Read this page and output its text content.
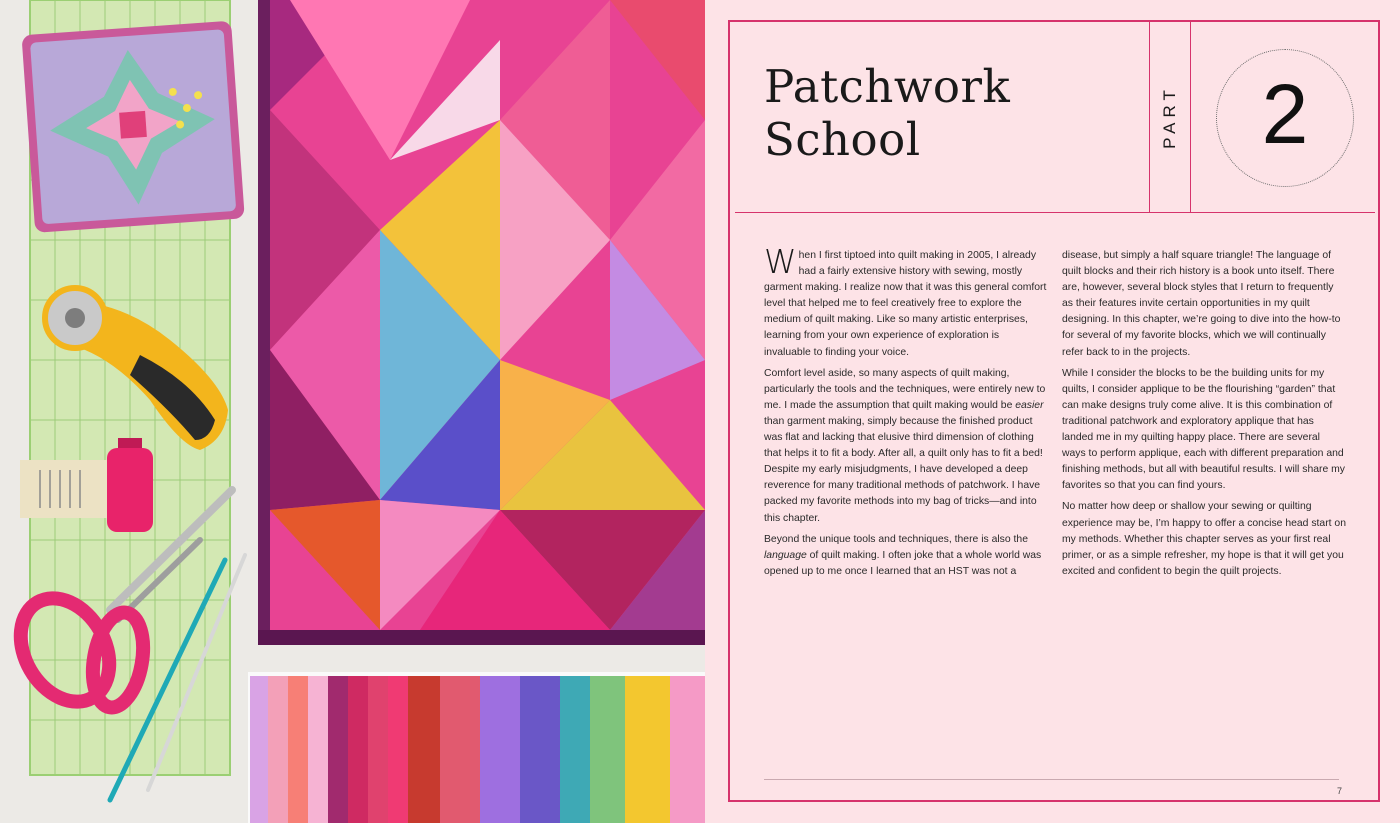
Patchwork
School	PART 2

When I first tiptoed into quilt making in 2005, I already had a fairly extensive history with sewing, mostly garment making. I realize now that it was this general comfort level that helped me to feel creatively free to explore the medium of quilt making. Like so many artistic enterprises, learning from your own experience of exploration is invaluable to finding your voice.

Comfort level aside, so many aspects of quilt making, particularly the tools and the techniques, were entirely new to me. I made the assumption that quilt making would be easier than garment making, simply because the finished product was flat and lacking that elusive third dimension of clothing that helps it to fit a body. After all, a quilt only has to fit a bed! Despite my early misjudgments, I have developed a deep reverence for many traditional methods of patchwork. I have packed my favorite methods into my bag of tricks—and into this chapter.

Beyond the unique tools and techniques, there is also the language of quilt making. I often joke that a whole world was opened up to me once I learned that an HST was not a disease, but simply a half square triangle! The language of quilt blocks and their rich history is a book unto itself. There are, however, several block styles that I return to frequently as their features invite certain opportunities in my quilt designing. In this chapter, we’re going to dive into the how-to for several of my favorite blocks, which we will continually refer back to in the projects.

While I consider the blocks to be the building units for my quilts, I consider applique to be the flourishing “garden” that can make designs truly come alive. It is this combination of traditional patchwork and exploratory applique that has landed me in my quilting happy place. There are several ways to perform applique, each with different preparation and finishing methods, but all with beautiful results. I will share my favorites so that you can find yours.

No matter how deep or shallow your sewing or quilting experience may be, I’m happy to offer a concise head start on my methods. Whether this chapter serves as your first real primer, or as a simple refresher, my hope is that it will get you excited and confident to begin the quilt projects.

7
